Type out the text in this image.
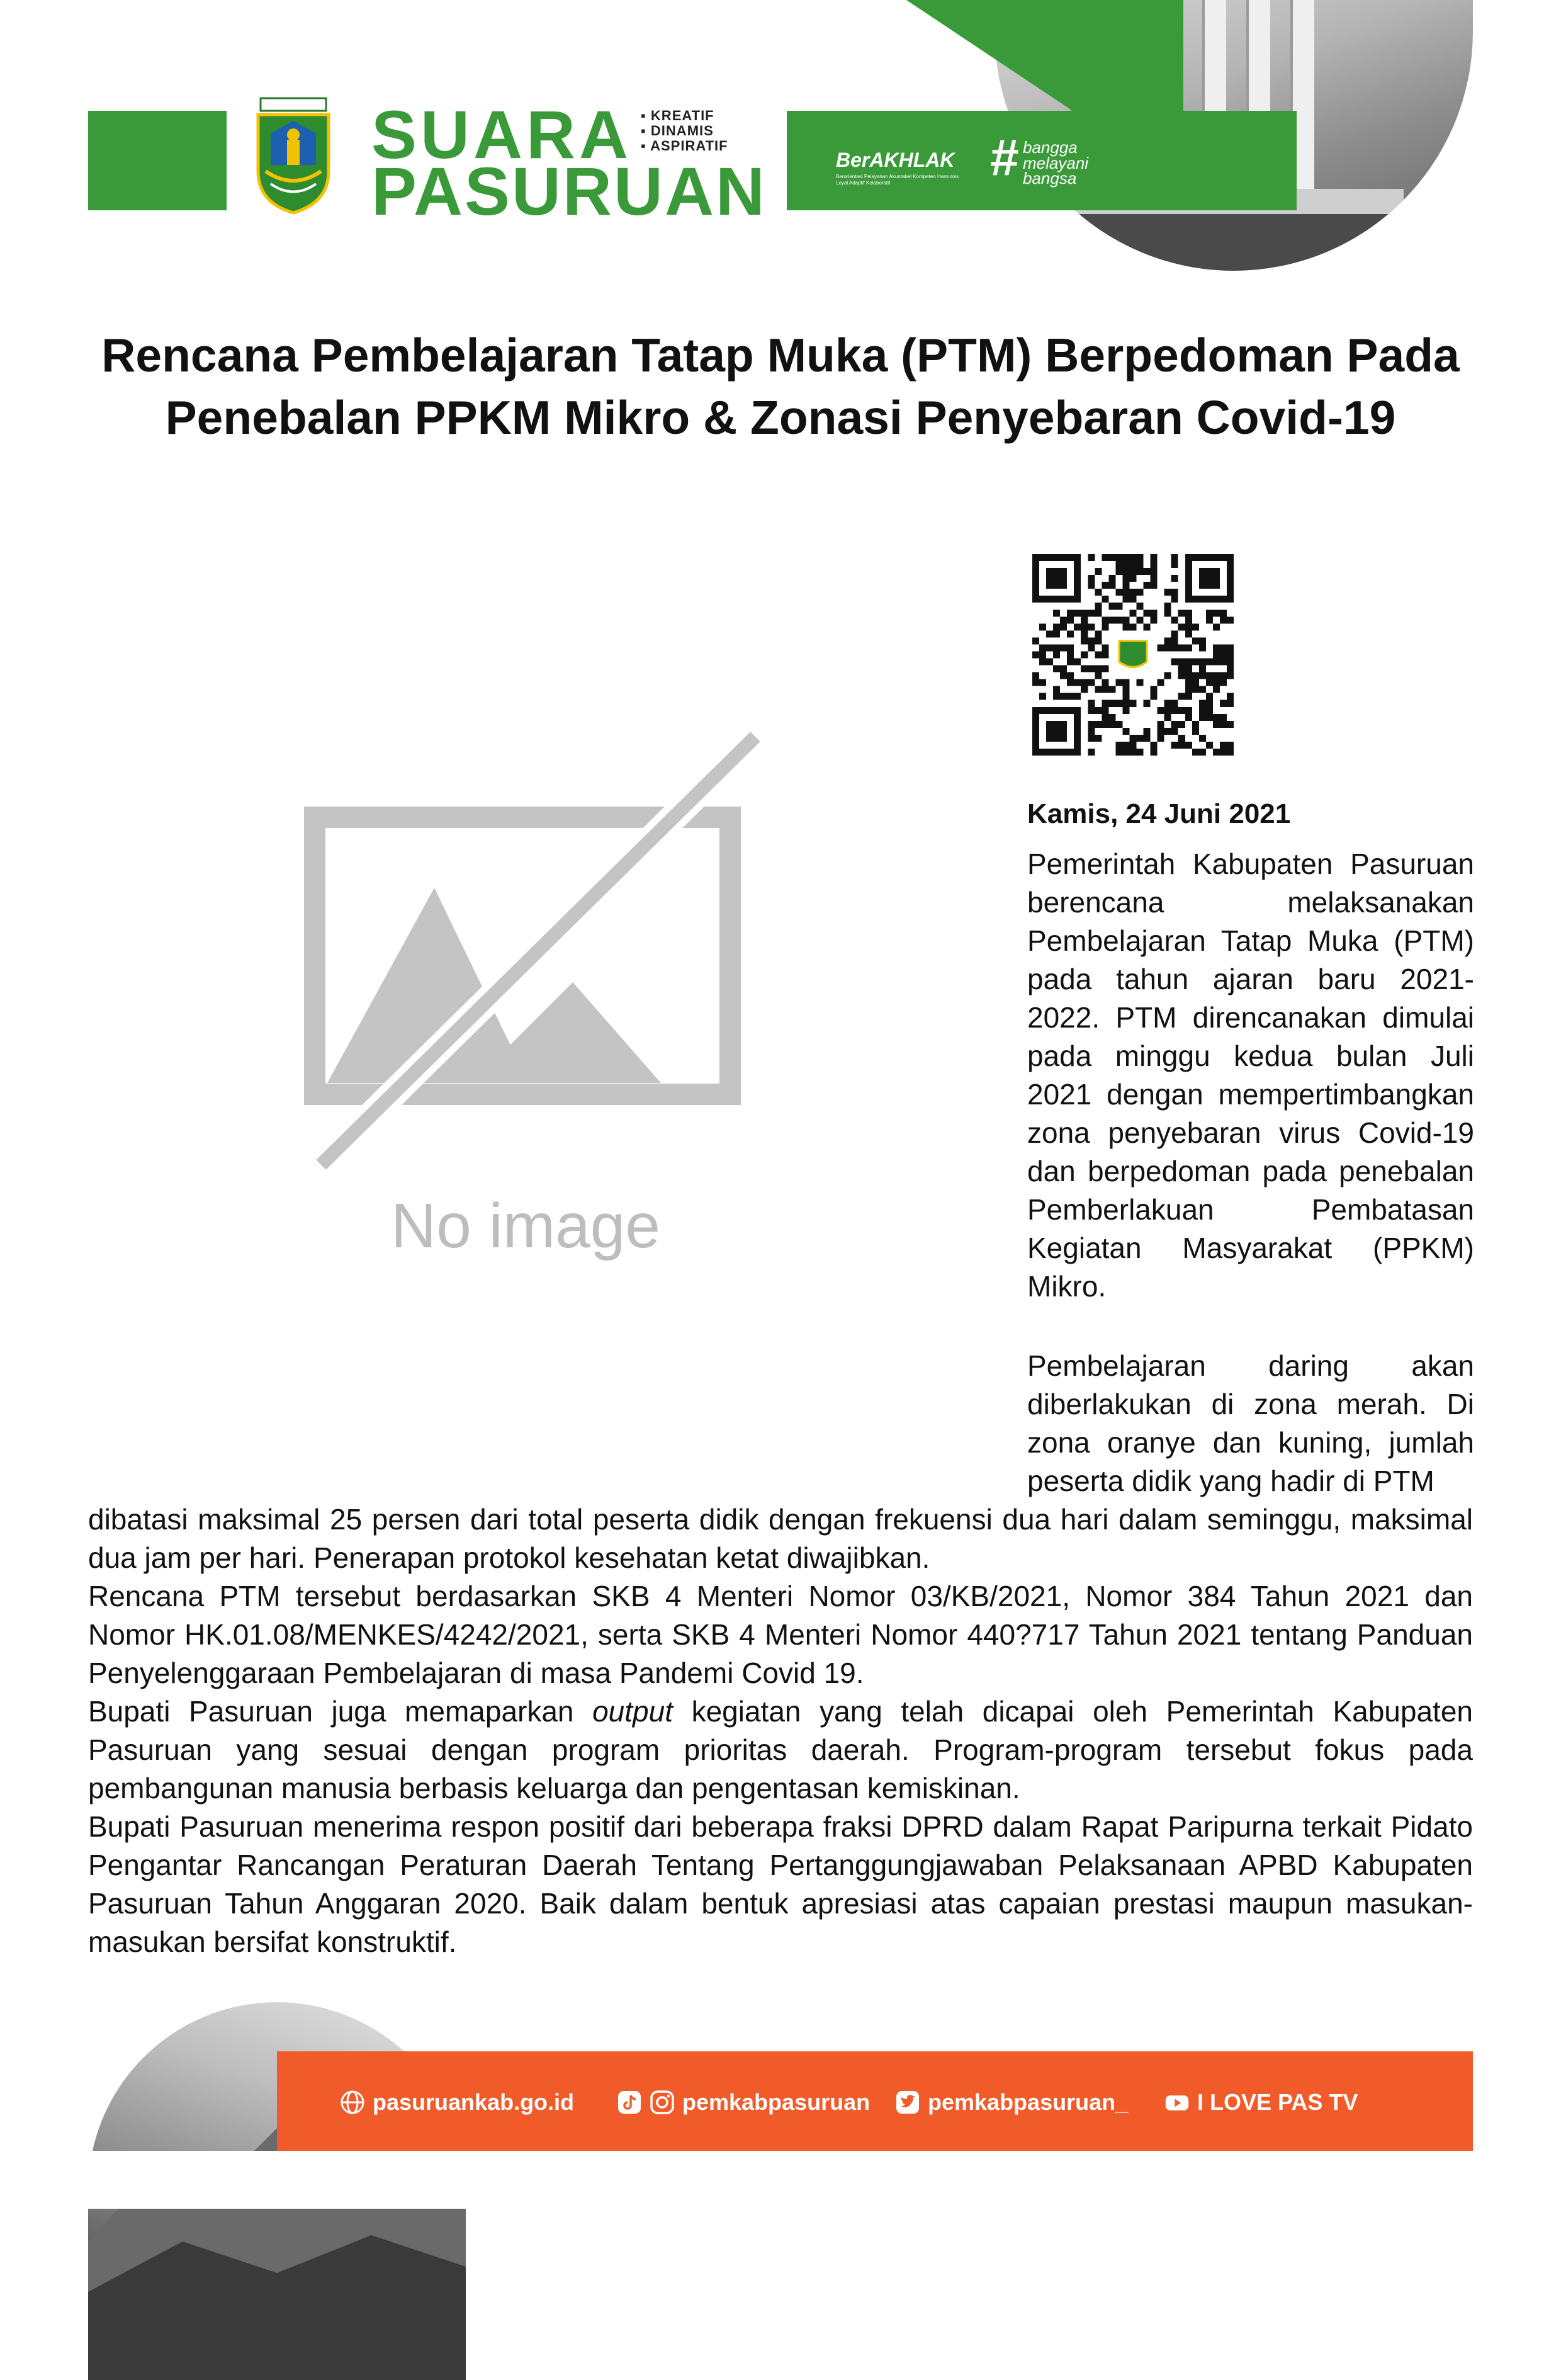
SUARA
PASURUAN
▪ KREATIF
▪ DINAMIS
▪ ASPIRATIF
BerAKHLAK
Berorientasi Pelayanan Akuntabel Kompeten Harmonis Loyal Adaptif Kolaboratif	# bangga
melayani
bangsa
Rencana Pembelajaran Tatap Muka (PTM) Berpedoman Pada Penebalan PPKM Mikro & Zonasi Penyebaran Covid-19
No image
Kamis, 24 Juni 2021
Pemerintah Kabupaten Pasuruan berencana melaksanakan Pembelajaran Tatap Muka (PTM) pada tahun ajaran baru 2021-2022. PTM direncanakan dimulai pada minggu kedua bulan Juli 2021 dengan mempertimbangkan zona penyebaran virus Covid-19 dan berpedoman pada penebalan Pemberlakuan Pembatasan Kegiatan Masyarakat (PPKM) Mikro.
Pembelajaran daring akan diberlakukan di zona merah. Di zona oranye dan kuning, jumlah peserta didik yang hadir di PTM
dibatasi maksimal 25 persen dari total peserta didik dengan frekuensi dua hari dalam seminggu, maksimal dua jam per hari. Penerapan protokol kesehatan ketat diwajibkan.
Rencana PTM tersebut berdasarkan SKB 4 Menteri Nomor 03/KB/2021, Nomor 384 Tahun 2021 dan Nomor HK.01.08/MENKES/4242/2021, serta SKB 4 Menteri Nomor 440?717 Tahun 2021 tentang Panduan Penyelenggaraan Pembelajaran di masa Pandemi Covid 19.
Bupati Pasuruan juga memaparkan output kegiatan yang telah dicapai oleh Pemerintah Kabupaten Pasuruan yang sesuai dengan program prioritas daerah. Program-program tersebut fokus pada pembangunan manusia berbasis keluarga dan pengentasan kemiskinan.
Bupati Pasuruan menerima respon positif dari beberapa fraksi DPRD dalam Rapat Paripurna terkait Pidato Pengantar Rancangan Peraturan Daerah Tentang Pertanggungjawaban Pelaksanaan APBD Kabupaten Pasuruan Tahun Anggaran 2020. Baik dalam bentuk apresiasi atas capaian prestasi maupun masukan-masukan bersifat konstruktif.
pasuruankab.go.id	pemkabpasuruan	pemkabpasuruan_	I LOVE PAS TV
